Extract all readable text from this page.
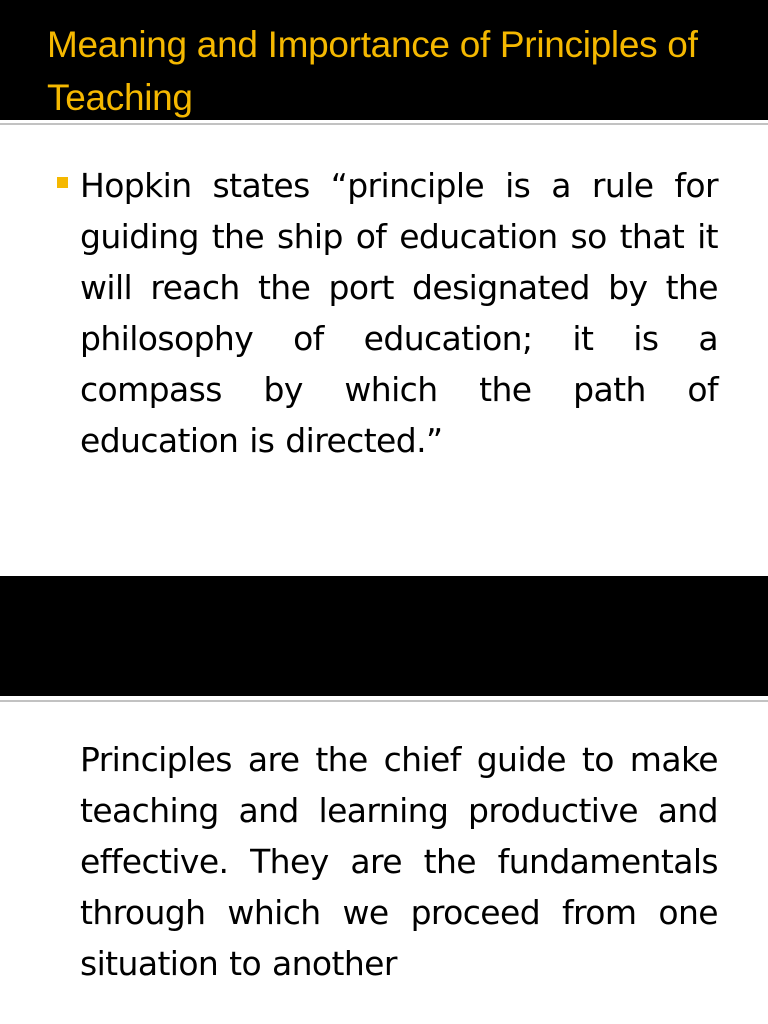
Meaning and Importance of Principles of Teaching

Hopkin states “principle is a rule for guiding the ship of education so that it will reach the port designated by the philosophy of education; it is a compass by which the path of education is directed.”

Principles are the chief guide to make teaching and learning productive and effective. They are the fundamentals through which we proceed from one situation to another
